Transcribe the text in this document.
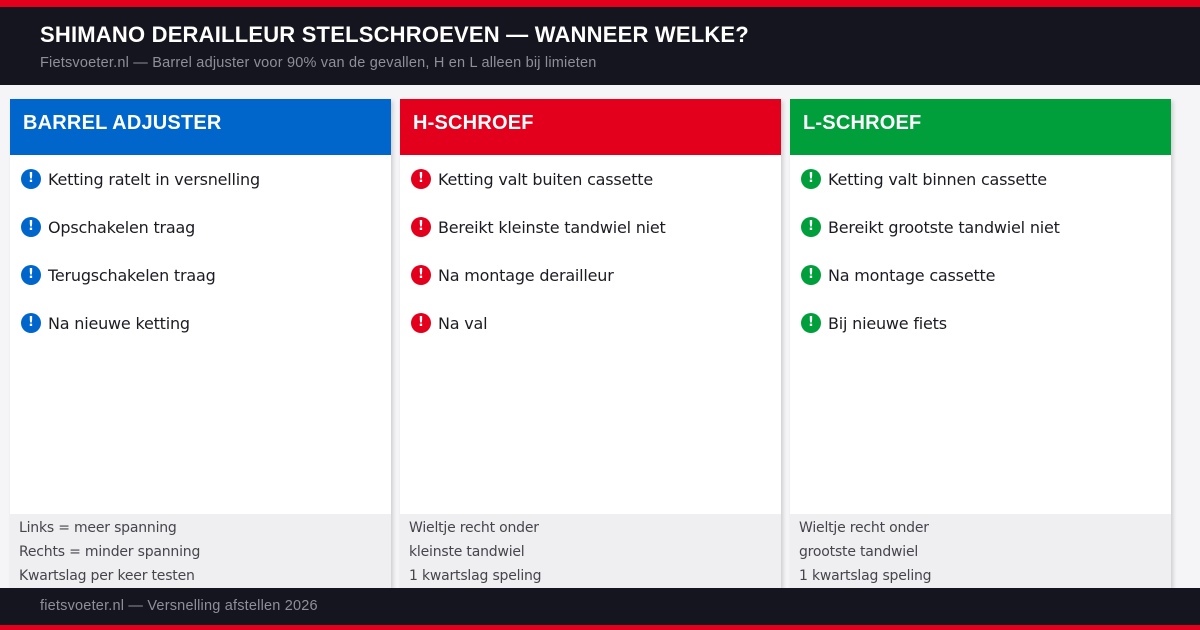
SHIMANO DERAILLEUR STELSCHROEVEN — WANNEER WELKE?
Fietsvoeter.nl — Barrel adjuster voor 90% van de gevallen, H en L alleen bij limieten
BARREL ADJUSTER
! Ketting ratelt in versnelling
! Opschakelen traag
! Terugschakelen traag
! Na nieuwe ketting
Links = meer spanning
Rechts = minder spanning
Kwartslag per keer testen
H-SCHROEF
! Ketting valt buiten cassette
! Bereikt kleinste tandwiel niet
! Na montage derailleur
! Na val
Wieltje recht onder
kleinste tandwiel
1 kwartslag speling
L-SCHROEF
! Ketting valt binnen cassette
! Bereikt grootste tandwiel niet
! Na montage cassette
! Bij nieuwe fiets
Wieltje recht onder
grootste tandwiel
1 kwartslag speling
fietsvoeter.nl — Versnelling afstellen 2026
